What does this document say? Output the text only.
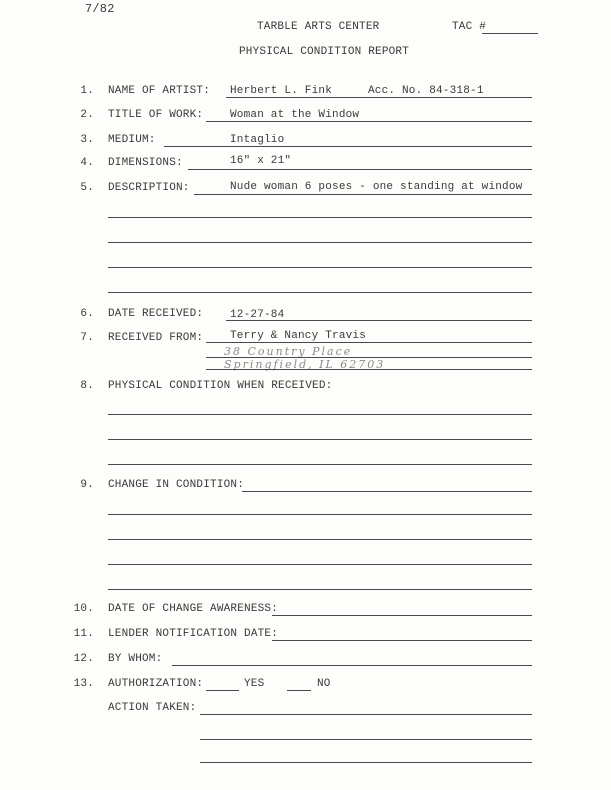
7/82
TARBLE ARTS CENTER	TAC #
PHYSICAL CONDITION REPORT
1. NAME OF ARTIST: Herbert L. Fink	Acc. No. 84-318-1
2. TITLE OF WORK: Woman at the Window
3. MEDIUM:	Intaglio
4. DIMENSIONS:	16" x 21"
5. DESCRIPTION:	Nude woman 6 poses - one standing at window
6. DATE RECEIVED: 12-27-84
7. RECEIVED FROM: Terry & Nancy Travis
38 Country Place
Springfield, IL 62703
8. PHYSICAL CONDITION WHEN RECEIVED:
9. CHANGE IN CONDITION:
10. DATE OF CHANGE AWARENESS:
11. LENDER NOTIFICATION DATE:
12. BY WHOM:
13. AUTHORIZATION:	YES	NO
ACTION TAKEN:
